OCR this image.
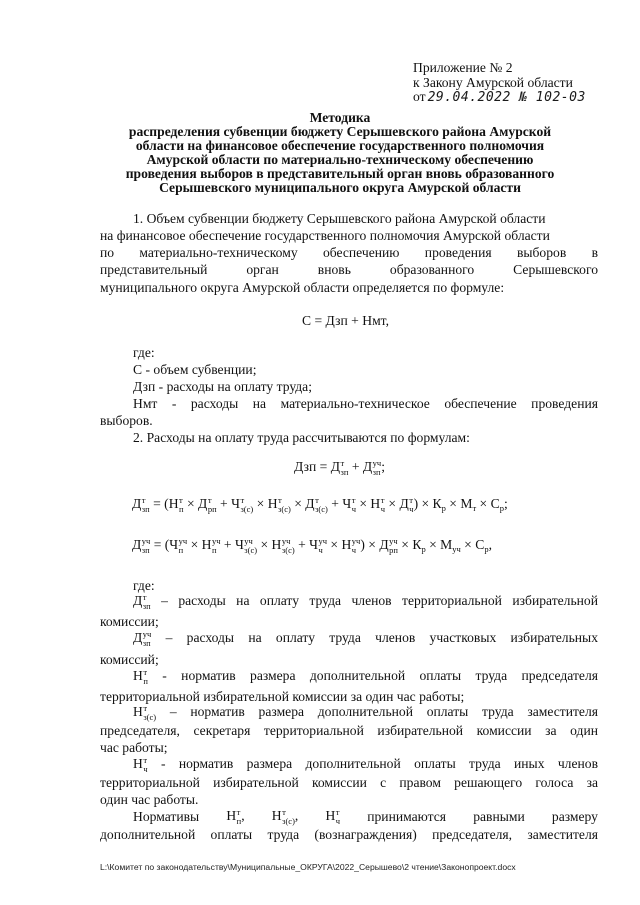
Приложение № 2
к Закону Амурской области
от 29.04.2022 № 102-03
Методика
распределения субвенции бюджету Серышевского района Амурской
области на финансовое обеспечение государственного полномочия
Амурской области по материально-техническому обеспечению
проведения выборов в представительный орган вновь образованного
Серышевского муниципального округа Амурской области
1. Объем субвенции бюджету Серышевского района Амурской области
на финансовое обеспечение государственного полномочия Амурской области
по материально-техническому обеспечению проведения выборов в
представительный орган вновь образованного Серышевского
муниципального округа Амурской области определяется по формуле:
С = Дзп + Нмт,
где:
С - объем субвенции;
Дзп - расходы на оплату труда;
Нмт - расходы на материально-техническое обеспечение проведения
выборов.
2. Расходы на оплату труда рассчитываются по формулам:
Дзп = Д т
зп + Д уч
зп ;
Д т
зп = (Н т
п × Д т
рп + Ч т
з(с) × Н т
з(с) × Д т
з(с) + Ч т
ч × Н т
ч × Д т
ч ) × $К_р \times М_т \times С_р$;
Д уч
зп = (Ч уч
п × Н уч
п + Ч уч
з(с) × Н уч
з(с) + Ч уч
ч × Н уч
ч ) × Д уч
рп × $К_р \times М_{уч} \times С_р$,
где:
Д т
зп – расходы на оплату труда членов территориальной избирательной
комиссии;
Д уч
зп – расходы на оплату труда членов участковых избирательных
комиссий;
Н т
п - норматив размера дополнительной оплаты труда председателя
территориальной избирательной комиссии за один час работы;
Н т
з(с) – норматив размера дополнительной оплаты труда заместителя
председателя, секретаря территориальной избирательной комиссии за один
час работы;
Н т
ч - норматив размера дополнительной оплаты труда иных членов
территориальной избирательной комиссии с правом решающего голоса за
один час работы.
Нормативы Н т
п , Н т
з(с) , Н т
ч принимаются равными размеру
дополнительной оплаты труда (вознаграждения) председателя, заместителя
L:\Комитет по законодательству\Муниципальные_ОКРУГА\2022_Серышево\2 чтение\Законопроект.docx
